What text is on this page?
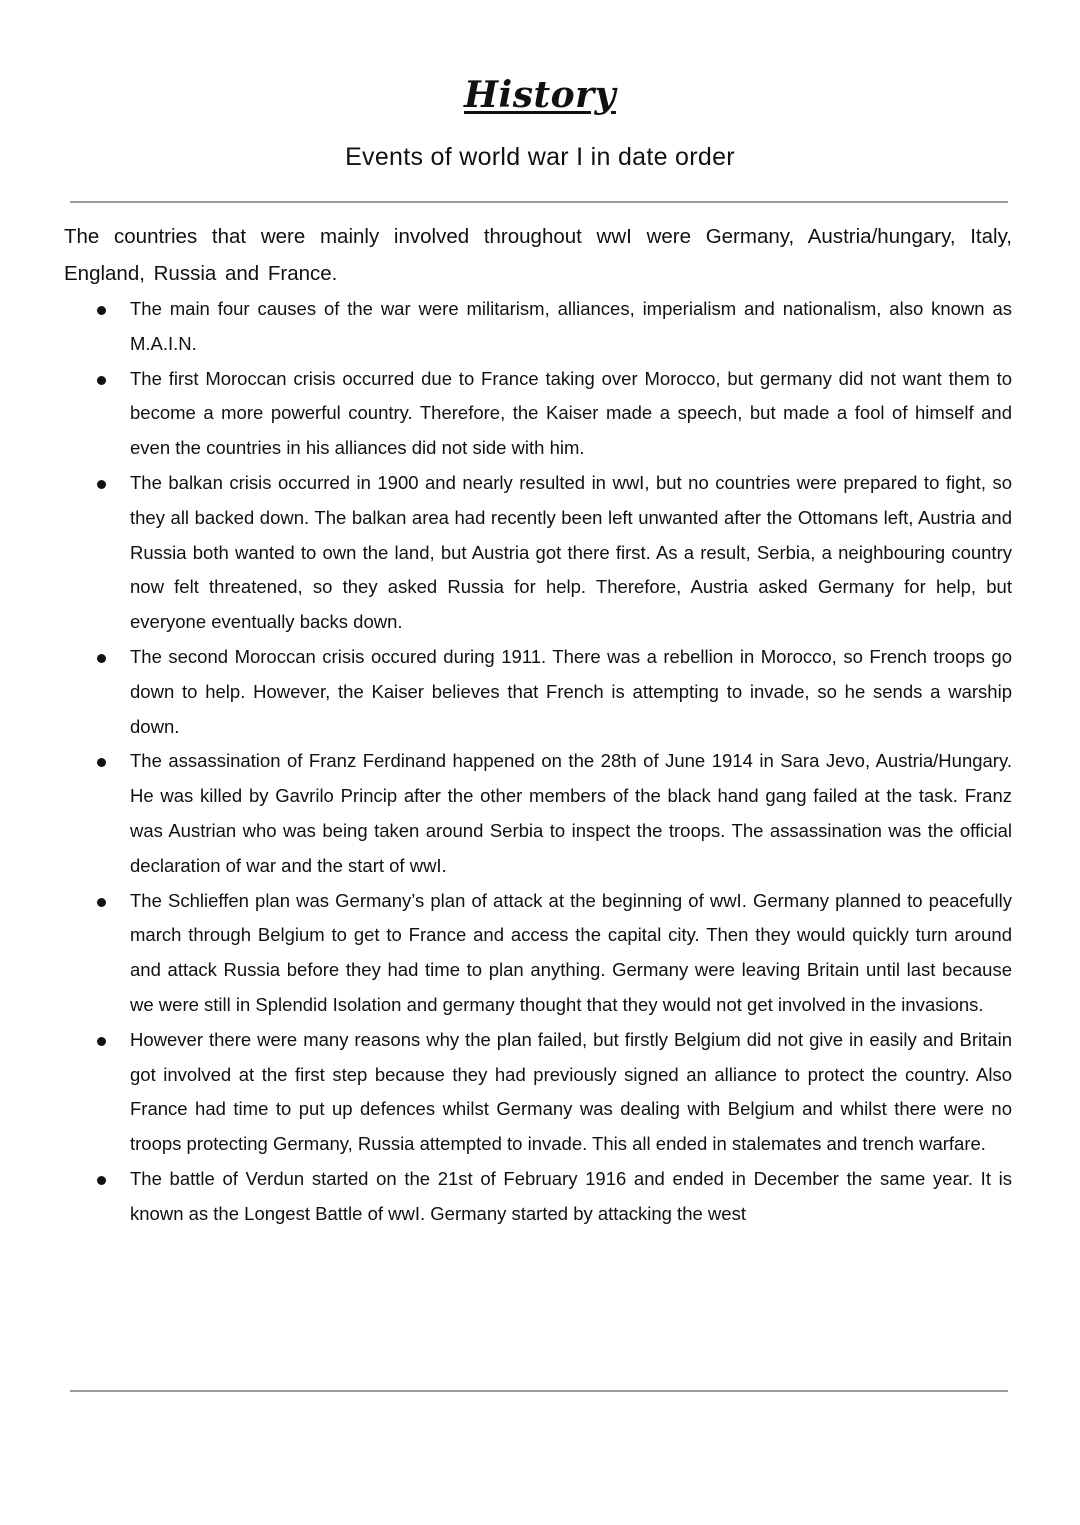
History
Events of world war I in date order

The countries that were mainly involved throughout wwI were Germany, Austria/hungary, Italy, England, Russia and France.

The main four causes of the war were militarism, alliances, imperialism and nationalism, also known as M.A.I.N.
The first Moroccan crisis occurred due to France taking over Morocco, but germany did not want them to become a more powerful country. Therefore, the Kaiser made a speech, but made a fool of himself and even the countries in his alliances did not side with him.
The balkan crisis occurred in 1900 and nearly resulted in wwI, but no countries were prepared to fight, so they all backed down. The balkan area had recently been left unwanted after the Ottomans left, Austria and Russia both wanted to own the land, but Austria got there first. As a result, Serbia, a neighbouring country now felt threatened, so they asked Russia for help. Therefore, Austria asked Germany for help, but everyone eventually backs down.
The second Moroccan crisis occured during 1911. There was a rebellion in Morocco, so French troops go down to help. However, the Kaiser believes that French is attempting to invade, so he sends a warship down.
The assassination of Franz Ferdinand happened on the 28th of June 1914 in Sara Jevo, Austria/Hungary. He was killed by Gavrilo Princip after the other members of the black hand gang failed at the task. Franz was Austrian who was being taken around Serbia to inspect the troops. The assassination was the official declaration of war and the start of wwI.
The Schlieffen plan was Germany’s plan of attack at the beginning of wwI. Germany planned to peacefully march through Belgium to get to France and access the capital city. Then they would quickly turn around and attack Russia before they had time to plan anything. Germany were leaving Britain until last because we were still in Splendid Isolation and germany thought that they would not get involved in the invasions.
However there were many reasons why the plan failed, but firstly Belgium did not give in easily and Britain got involved at the first step because they had previously signed an alliance to protect the country. Also France had time to put up defences whilst Germany was dealing with Belgium and whilst there were no troops protecting Germany, Russia attempted to invade. This all ended in stalemates and trench warfare.
The battle of Verdun started on the 21st of February 1916 and ended in December the same year. It is known as the Longest Battle of wwI. Germany started by attacking the west
